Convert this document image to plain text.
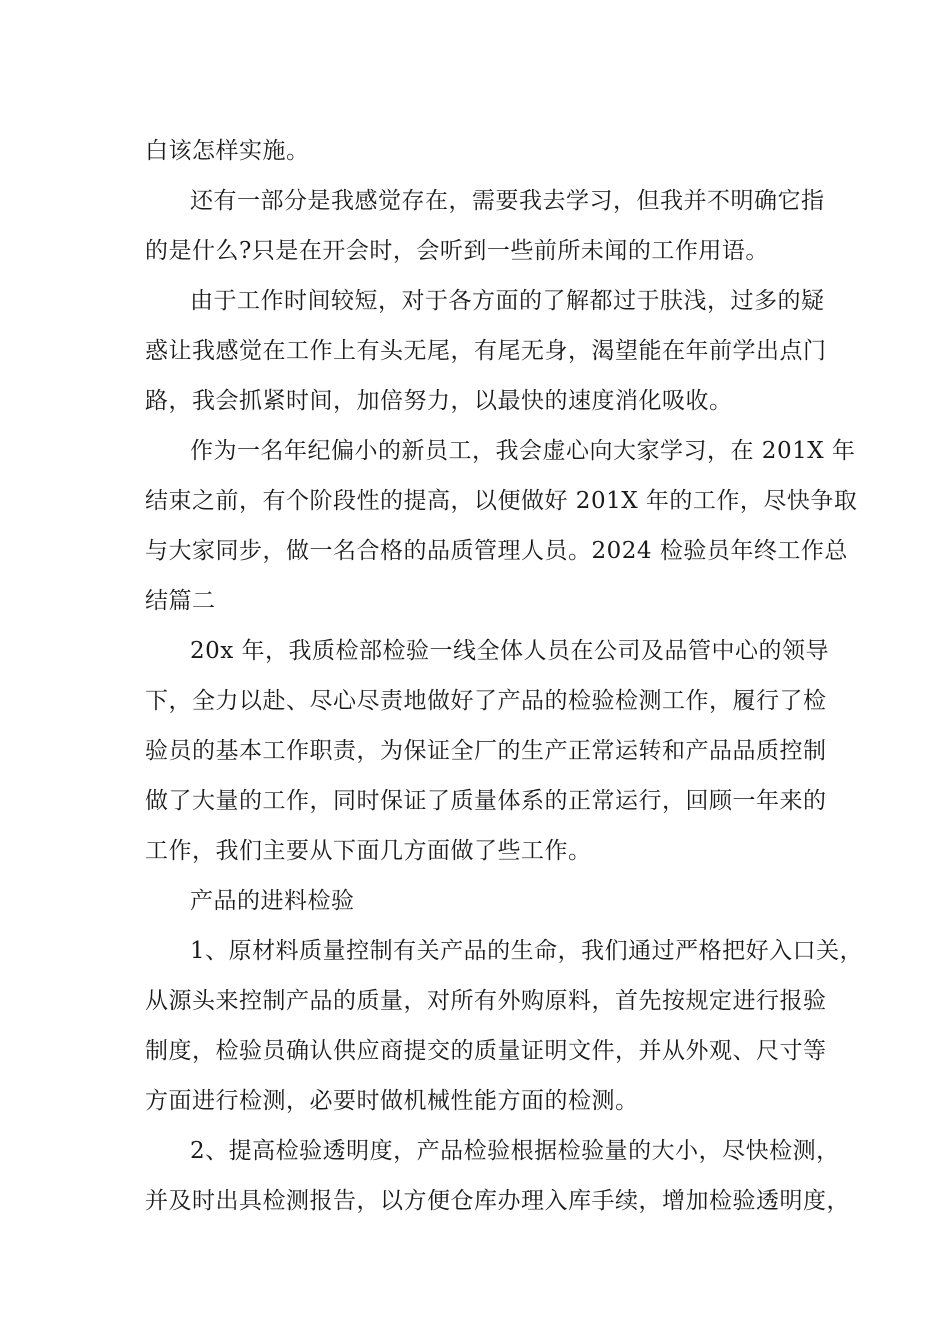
白该怎样实施。

还有一部分是我感觉存在，需要我去学习，但我并不明确它指

的是什么?只是在开会时，会听到一些前所未闻的工作用语。

由于工作时间较短，对于各方面的了解都过于肤浅，过多的疑

惑让我感觉在工作上有头无尾，有尾无身，渴望能在年前学出点门

路，我会抓紧时间，加倍努力，以最快的速度消化吸收。

作为一名年纪偏小的新员工，我会虚心向大家学习，在 201X 年

结束之前，有个阶段性的提高，以便做好 201X 年的工作，尽快争取

与大家同步，做一名合格的品质管理人员。2024 检验员年终工作总

结篇二

20x 年，我质检部检验一线全体人员在公司及品管中心的领导

下，全力以赴、尽心尽责地做好了产品的检验检测工作，履行了检

验员的基本工作职责，为保证全厂的生产正常运转和产品品质控制

做了大量的工作，同时保证了质量体系的正常运行，回顾一年来的

工作，我们主要从下面几方面做了些工作。

产品的进料检验

1、原材料质量控制有关产品的生命，我们通过严格把好入口关，

从源头来控制产品的质量，对所有外购原料，首先按规定进行报验

制度，检验员确认供应商提交的质量证明文件，并从外观、尺寸等

方面进行检测，必要时做机械性能方面的检测。

2、提高检验透明度，产品检验根据检验量的大小，尽快检测，

并及时出具检测报告，以方便仓库办理入库手续，增加检验透明度，
